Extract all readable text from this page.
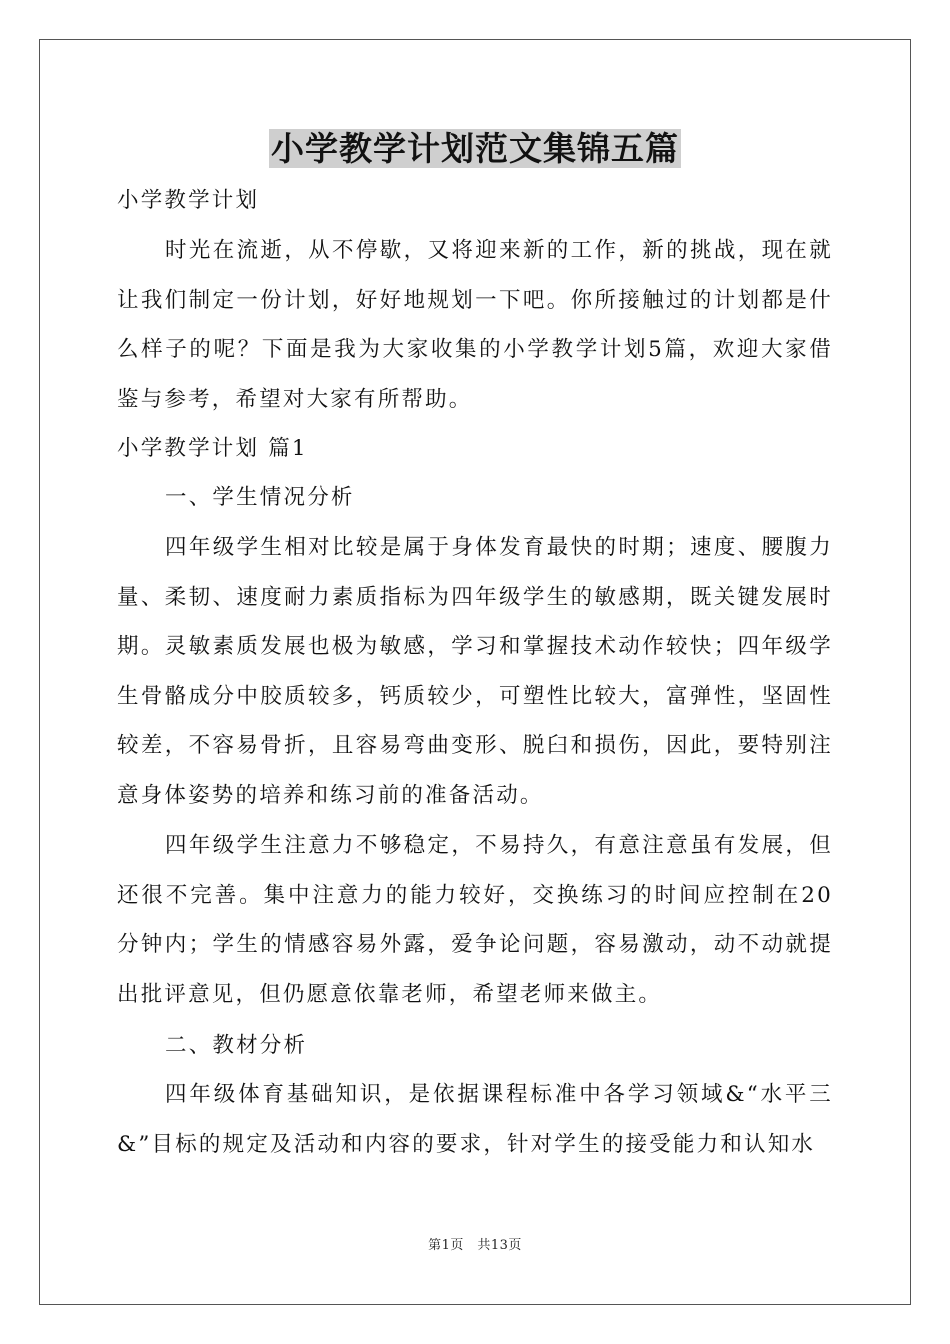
小学教学计划范文集锦五篇

小学教学计划

时光在流逝，从不停歇，又将迎来新的工作，新的挑战，现在就让我们制定一份计划，好好地规划一下吧。你所接触过的计划都是什么样子的呢？下面是我为大家收集的小学教学计划5篇，欢迎大家借鉴与参考，希望对大家有所帮助。

小学教学计划 篇1

一、学生情况分析

四年级学生相对比较是属于身体发育最快的时期；速度、腰腹力量、柔韧、速度耐力素质指标为四年级学生的敏感期，既关键发展时期。灵敏素质发展也极为敏感，学习和掌握技术动作较快；四年级学生骨骼成分中胶质较多，钙质较少，可塑性比较大，富弹性，坚固性较差，不容易骨折，且容易弯曲变形、脱臼和损伤，因此，要特别注意身体姿势的培养和练习前的准备活动。

四年级学生注意力不够稳定，不易持久，有意注意虽有发展，但还很不完善。集中注意力的能力较好，交换练习的时间应控制在20分钟内；学生的情感容易外露，爱争论问题，容易激动，动不动就提出批评意见，但仍愿意依靠老师，希望老师来做主。

二、教材分析

四年级体育基础知识，是依据课程标准中各学习领域&“水平三&”目标的规定及活动和内容的要求，针对学生的接受能力和认知水

第1页　共13页
